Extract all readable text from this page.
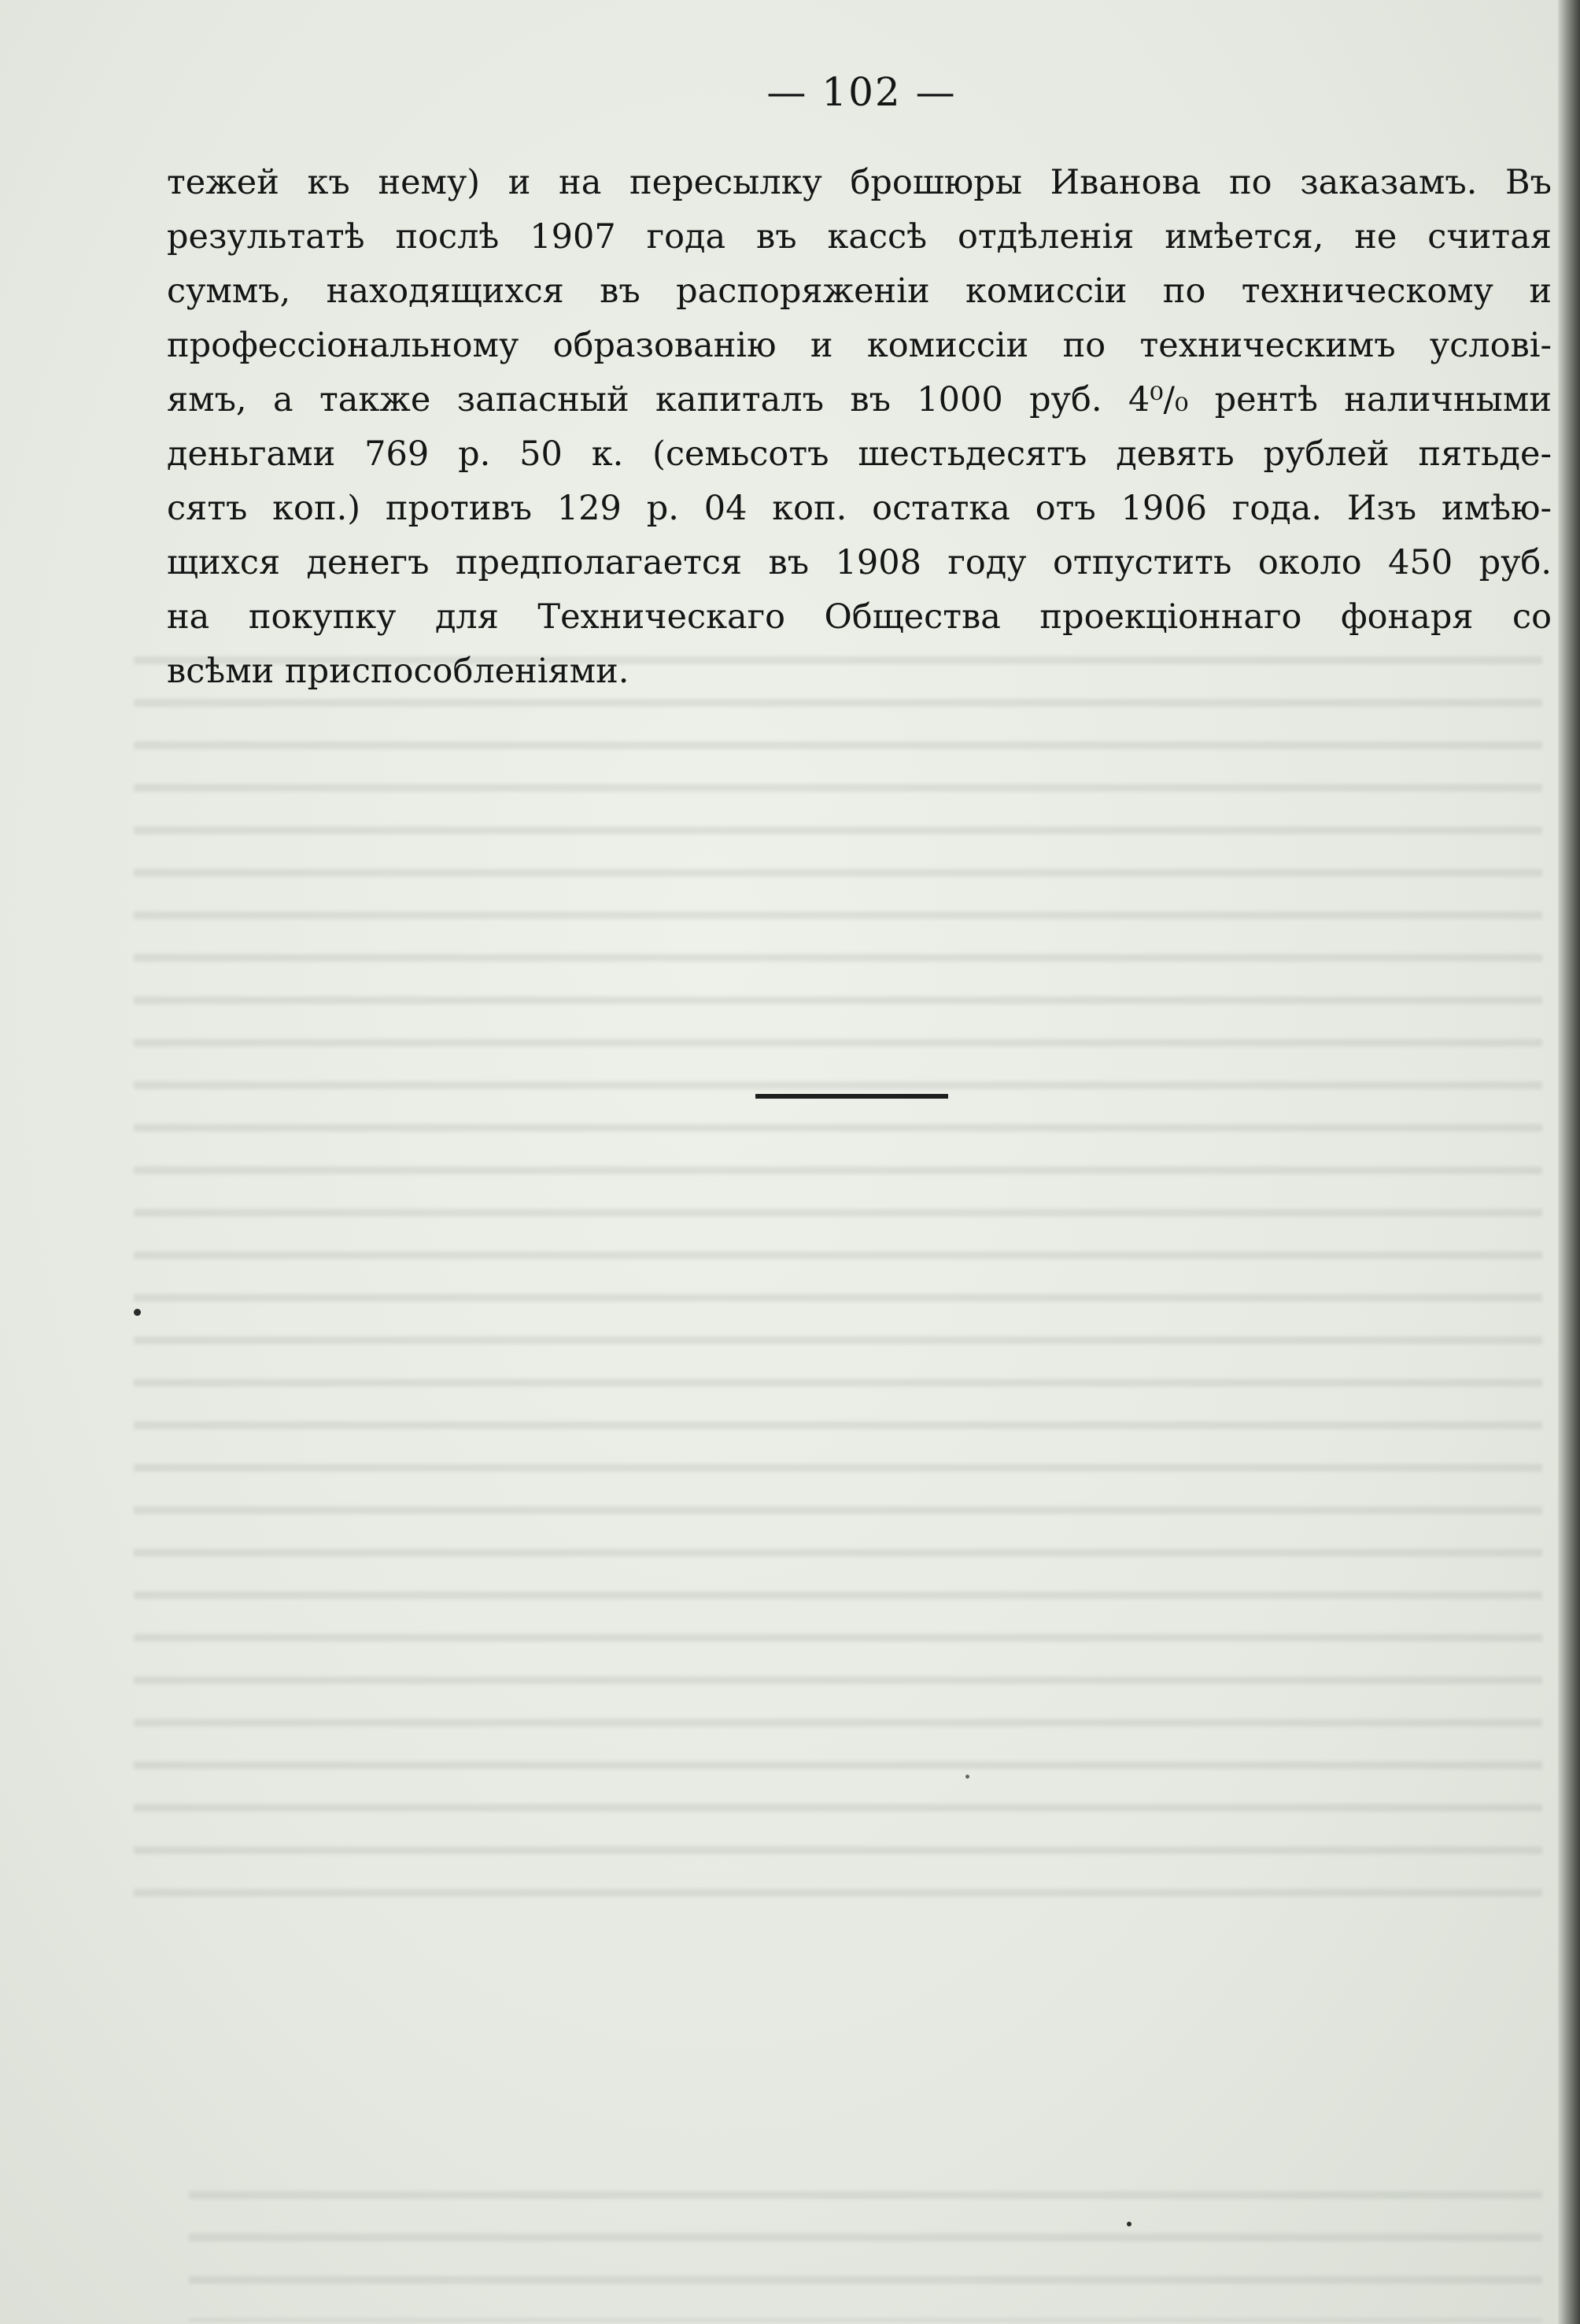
— 102 —
тежей къ нему) и на пересылку брошюры Иванова по заказамъ. Въ
результатѣ послѣ 1907 года въ кассѣ отдѣленія имѣется, не считая
суммъ, находящихся въ распоряженіи комиссіи по техническому и
профессіональному образованію и комиссіи по техническимъ услові-
ямъ, а также запасный капиталъ въ 1000 руб. 4⁰/₀ рентѣ наличными
деньгами 769 р. 50 к. (семьсотъ шестьдесятъ девять рублей пятьде-
сятъ коп.) противъ 129 р. 04 коп. остатка отъ 1906 года. Изъ имѣю-
щихся денегъ предполагается въ 1908 году отпустить около 450 руб.
на покупку для Техническаго Общества проекціоннаго фонаря со
всѣми приспособленіями.
